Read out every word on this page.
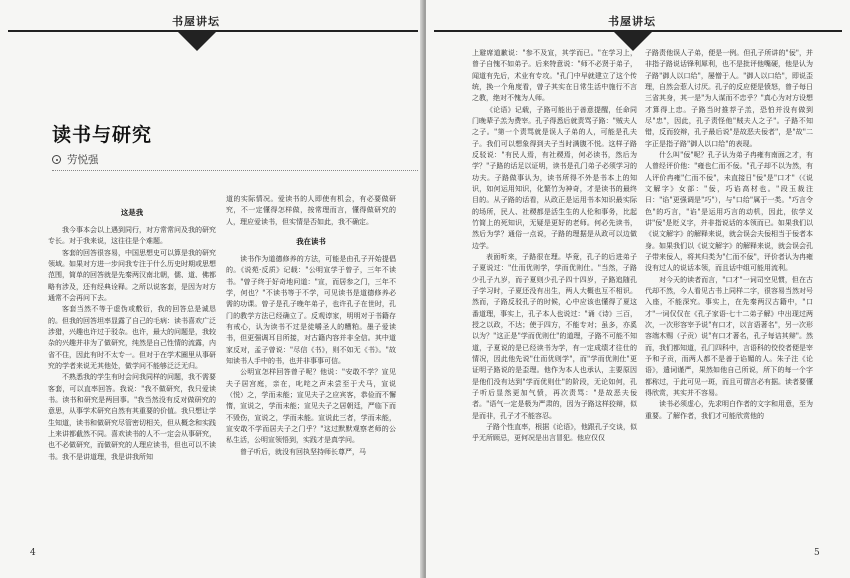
书屋讲坛
读书与研究
劳悦强
这是我

我今事本会以上遇到同行，对方常常问及我的研究专长。对于我来说，这往往是个难题。

客套的回答很容易，中国思想史可以算是我的研究领域。如果对方进一步问我专注于什么历史时期或思想范围，简单的回答就是先秦两汉南北朝，儒、道、佛都略有涉及，还有经典诠释。之所以说客套，是因为对方通常不会再问下去。

客套当然不等于虚伪或敷衍，我的回答总是诚恳的。但我的回答坦率显露了自己的毛病：读书喜欢广泛涉猎，兴趣也许过于驳杂。也许，最大的问题是，我较杂的兴趣并非为了做研究，纯然是自己性情的流露，内省不住，因此有时不太专一。但对于在学术圈里从事研究的学者来说无其他处，做学问不能够泛泛无归。

不熟悉我的学生有时会问我同样的问题，我不需要客套，可以直率回答。我说："我不做研究，我只爱读书。读书和研究是两回事。"我当然没有反对做研究的意思，从事学术研究自然有其重要的价值。我只想让学生知道，读书和做研究尽管密切相关，但从概念和实践上来讲都截然不同。喜欢读书的人不一定会从事研究，也不必做研究，而做研究的人理应读书，但也可以不读书。我不是讲道理，我是讲我所知

道的实际情况。爱读书的人即使有机会，有必要做研究，不一定懂得怎样做，按常理而言，懂得做研究的人，理应爱读书，但实情是否如此，我不确定。

我在读书

读书作为道德修养的方法，可能是由孔子开始提倡的。《说苑·反质》记载："公明宣学于曾子，三年不读书。"曾子终于好奇地问道："宣，而居参之门，三年不学，何也？"不读书等于不学，可见读书是道德修养必需的功课。曾子是孔子晚年弟子，也许孔子在世时，孔门的教学方法已经确立了。反观谆家，明明对于书籍存有戒心，认为读书不过是徒嚼圣人的糟粕。墨子爱读书，但更强调耳目所接，对古籍内容并非全信。其中道家反对，孟子曾说："尽信《书》，则不如无《书》。"故知读书人手中的书，也并非事事可信。

公明宣怎样回答曾子呢？他说："安敢不学？宣见夫子居宫庭，亲在，叱咤之声未尝至于犬马，宣说（悦）之，学而未能；宣见夫子之应宾客，恭俭而不懈惰，宣说之，学而未能；宣见夫子之居朝廷，严临下而不毁伤，宣说之，学而未能。宣说此三者，学而未能，宣安敢不学而居夫子之门乎？"这过默默观察老师的公私生活，公明宣领悟到，实践才是真学问。

曾子听后，就没有回执坚持师长尊严，马

4
书屋讲坛

上避席道歉说："参不及宣，其学而已。"在学习上，曾子自愧不如弟子。后来特意说："师不必贤于弟子，闻道有先后，术业有专攻。"孔门中早就建立了这个传统，换一个角度看，曾子其实在日常生活中施行不言之教，绝对不愧为人师。

《论语》记载，子路可能出于善意提醒，任命同门晚辈子羔为费宰。孔子得悉后就责骂子路："贼夫人之子。"第一个责骂就是误人子弟的人，可能是孔夫子。我们可以想象得到夫子当时满腹不悦。这样子路反驳说："有民人焉，有社稷焉，何必读书，然后为学？"子路的话足以证明，读书是孔门弟子必须学习的功夫。子路做事认为，读书所得不外是书本上的知识，如何运用知识，化繁竹为神奇，才是读书的最终目的。从子路的话看，从政正是运用书本知识最实际的场所，民人、社稷都是活生生的人伦和事务，比起竹简上的死知识，无疑是更好的老师。何必先读书，然后为学？通俗一点说，子路的理据是从政可以边做边学。

表面听来，子路很在理。毕竟，孔子的后进弟子子夏说过："仕而优则学，学而优则仕。"当然，子路少孔子九岁，而子夏则少孔子四十四岁，子路追随孔子学习时，子夏还没有出生，两人大概也互不相识。然而，子路反驳孔子的时候，心中应该也懂得了夏这番道理，事实上，孔子本人也说过："诵《诗》三百，授之以政，不达；使于四方，不能专对；虽多，亦奚以为？"这正是"学而优则仕"的道理，子路不可能不知道，子夏说的是已经读书为学，有一定成绩才往仕的情况，因此他先说"仕而优则学"，而"学而优则仕"更证明子路说的是歪理。他作为本人也承认，主要原因是他们没有达到"学而优则仕"的阶段，无论如何，孔子听后显然更加气愤，再次责骂："是故恶夫佞者。"语气一定是极为严肃的，因为子路这样狡辩，似是而非，孔子才不能容忍。

子路个性直率，根据《论语》，他跟孔子交谈，似乎无所顾忌，更何况是出言冒犯。他应仅仅

子路责他误人子弟，便是一例。但孔子所讲的"佞"，并非指子路说话锋利犀利，也不是批评他嘴硬，他是认为子路"御人以口给"，屡憎于人。"御人以口给"，即说歪理，自然会惹人讨厌。孔子的反应便是愤怒，曾子每日三省其身，其一是"为人谋而不忠乎？"真心为对方设想才算得上忠。子路当时推荐子羔，恐怕并没有做到尽"忠"，因此，孔子责怪他"贼夫人之子"。子路不知错，反而狡辩，孔子最后说"是故恶夫佞者"，是"故"二字正是指子路"御人以口给"的表现。

什么叫"佞"呢？孔子认为弟子冉雍有南面之才，有人曾经评价他："雍也仁而不佞。"孔子却不以为然，有人评价冉雍"仁而不佞"，未直接日"佞"是"口才"（《说文解字》女部："佞，巧谄高材也。"段玉裁注曰："谄"更强调是"巧"），与"口给"属于一类。"巧言令色"的巧言，"谄"是运用巧言的动机，因此，依学义讲"佞"是贬义字，并非指说话的本领而已。如果我们以《说文解字》的解释来说，就会误会夫佞相当于佞者本身。如果我们以《说文解字》的解释来说，就会误会孔子带来佞人，将其归类为"仁而不佞"，评价者认为冉雍没有过人的说话本领，而且话中组可能用流利。

对今天的读者而言，"口才"一词司空见惯，但在古代却不然，今人看见古书上同样二字，很容易当然对号入座，不能深究。事实上，在先秦两汉古籍中，"口才"一词仅仅在《孔子家语·七十二弟子解》中出现过两次，一次形容宰予说"有口才，以言语著名"，另一次形容端木赐（子贡）说"有口才著名，孔子每诘其辩"。然而，我们都知道，孔门四科中，言语科的佼佼者便是宰予和子贡，而两人都不是善于谄媚的人。朱子注《论语》，遣词谨严，果然如他自己所说，所下的每一个字都称过，于此可见一斑，而且可谓言必有据。读者要懂得欣赏，其实并不容易。

读书必须虚心，先求明白作者的文字和用意，至为重要。了解作者，我们才可能欣赏他的

5
